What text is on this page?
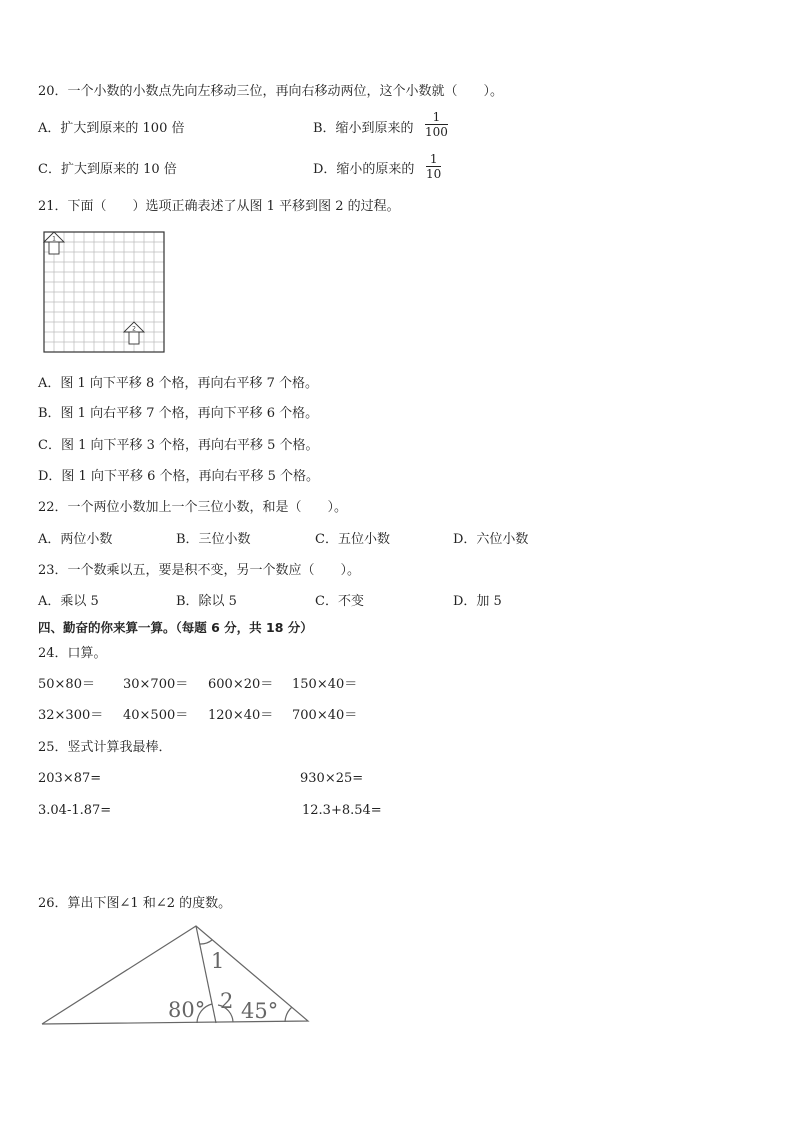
20．一个小数的小数点先向左移动三位，再向右移动两位，这个小数就（　　）。
A．扩大到原来的 100 倍	B．缩小到原来的
1
100
C．扩大到原来的 10 倍	D．缩小的原来的
1
10
21．下面（　　）选项正确表述了从图 1 平移到图 2 的过程。
1
2
A．图 1 向下平移 8 个格，再向右平移 7 个格。
B．图 1 向右平移 7 个格，再向下平移 6 个格。
C．图 1 向下平移 3 个格，再向右平移 5 个格。
D．图 1 向下平移 6 个格，再向右平移 5 个格。
22．一个两位小数加上一个三位小数，和是（　　）。
A．两位小数	B．三位小数	C．五位小数	D．六位小数
23．一个数乘以五，要是积不变，另一个数应（　　）。
A．乘以 5	B．除以 5	C．不变	D．加 5
四、勤奋的你来算一算。（每题 6 分，共 18 分）
24．口算。
50×80＝ 30×700＝ 600×20＝ 150×40＝
32×300＝ 40×500＝ 120×40＝ 700×40＝
25．竖式计算我最棒．
203×87=	930×25=
3.04-1.87=	12.3+8.54=
26．算出下图∠1 和∠2 的度数。
80° 2
1
45°
